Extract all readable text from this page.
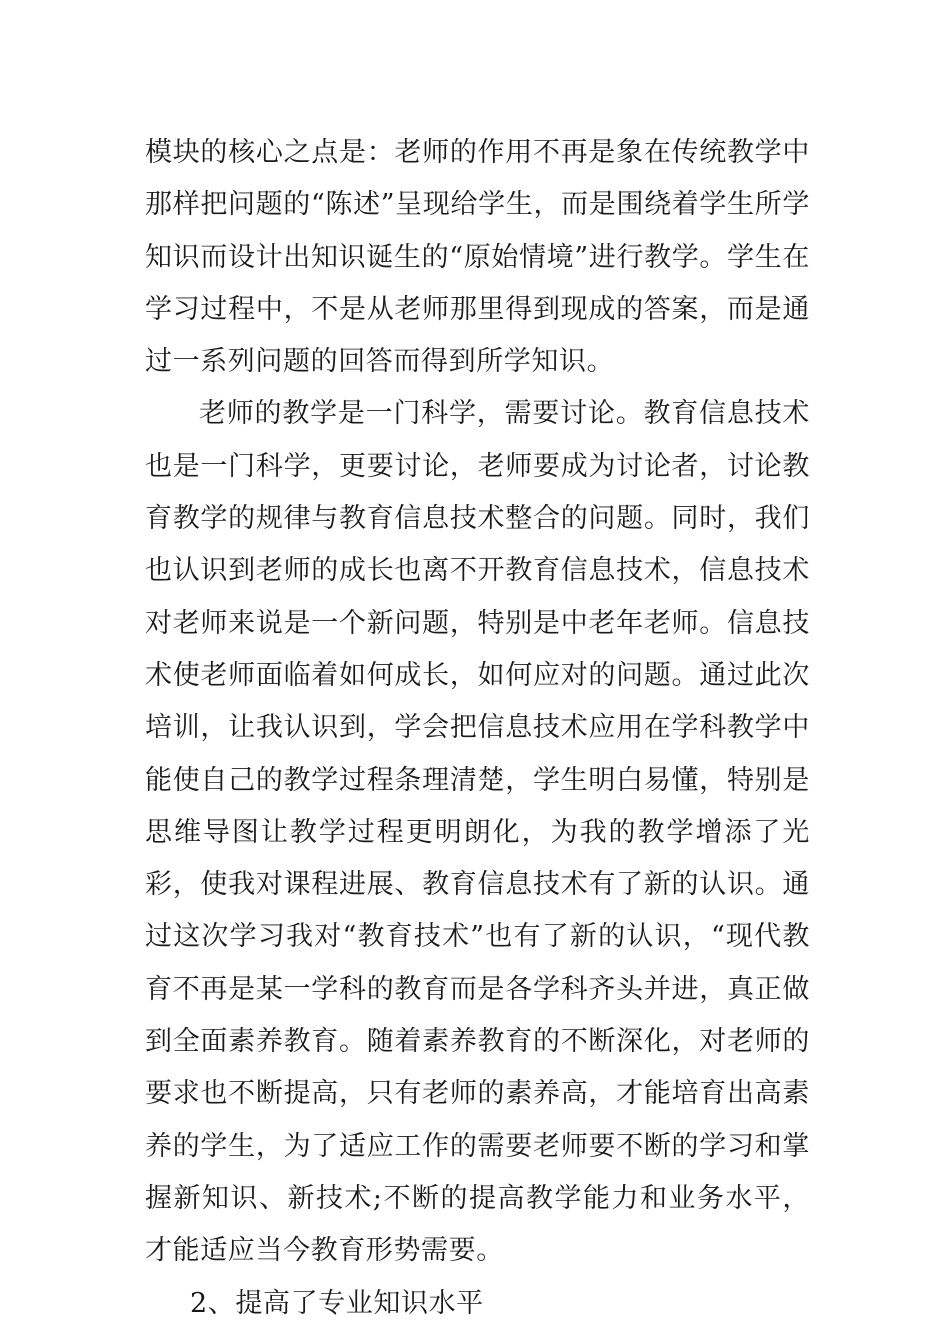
模块的核心之点是：老师的作用不再是象在传统教学中那样把问题的“陈述”呈现给学生，而是围绕着学生所学知识而设计出知识诞生的“原始情境”进行教学。学生在学习过程中，不是从老师那里得到现成的答案，而是通过一系列问题的回答而得到所学知识。

老师的教学是一门科学，需要讨论。教育信息技术也是一门科学，更要讨论，老师要成为讨论者，讨论教育教学的规律与教育信息技术整合的问题。同时，我们也认识到老师的成长也离不开教育信息技术，信息技术对老师来说是一个新问题，特别是中老年老师。信息技术使老师面临着如何成长，如何应对的问题。通过此次培训，让我认识到，学会把信息技术应用在学科教学中能使自己的教学过程条理清楚，学生明白易懂，特别是思维导图让教学过程更明朗化，为我的教学增添了光彩，使我对课程进展、教育信息技术有了新的认识。通过这次学习我对“教育技术”也有了新的认识，“现代教育不再是某一学科的教育而是各学科齐头并进，真正做到全面素养教育。随着素养教育的不断深化，对老师的要求也不断提高，只有老师的素养高，才能培育出高素养的学生，为了适应工作的需要老师要不断的学习和掌握新知识、新技术;不断的提高教学能力和业务水平，才能适应当今教育形势需要。

2、提高了专业知识水平
